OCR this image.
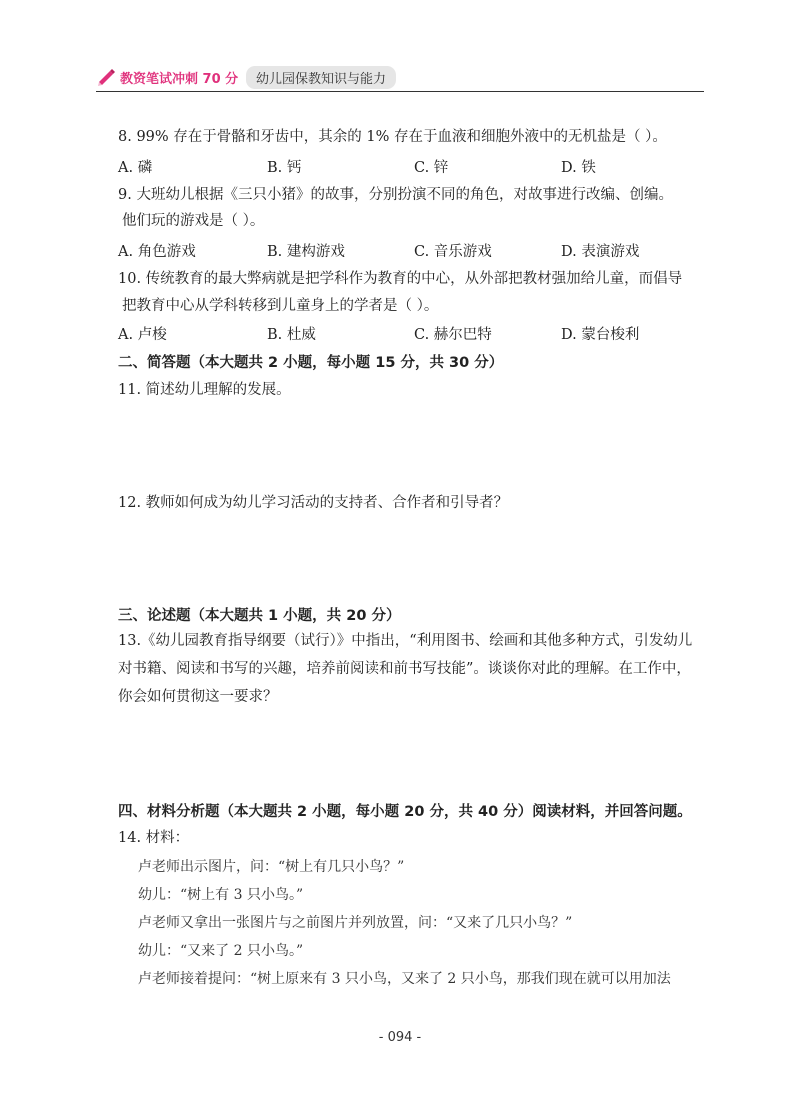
教资笔试冲刺 70 分	幼儿园保教知识与能力
8. 99% 存在于骨骼和牙齿中，其余的 1% 存在于血液和细胞外液中的无机盐是（ ）。
A. 磷	B. 钙	C. 锌	D. 铁
9. 大班幼儿根据《三只小猪》的故事，分别扮演不同的角色，对故事进行改编、创编。
他们玩的游戏是（ ）。
A. 角色游戏	B. 建构游戏	C. 音乐游戏	D. 表演游戏
10. 传统教育的最大弊病就是把学科作为教育的中心，从外部把教材强加给儿童，而倡导
把教育中心从学科转移到儿童身上的学者是（ ）。
A. 卢梭	B. 杜威	C. 赫尔巴特	D. 蒙台梭利
二、简答题（本大题共 2 小题，每小题 15 分，共 30 分）
11. 简述幼儿理解的发展。
12. 教师如何成为幼儿学习活动的支持者、合作者和引导者？
三、论述题（本大题共 1 小题，共 20 分）
13.《幼儿园教育指导纲要（试行）》中指出，“利用图书、绘画和其他多种方式，引发幼儿
对书籍、阅读和书写的兴趣，培养前阅读和前书写技能”。谈谈你对此的理解。在工作中，
你会如何贯彻这一要求？
四、材料分析题（本大题共 2 小题，每小题 20 分，共 40 分）阅读材料，并回答问题。
14. 材料：
卢老师出示图片，问：“树上有几只小鸟？”
幼儿：“树上有 3 只小鸟。”
卢老师又拿出一张图片与之前图片并列放置，问：“又来了几只小鸟？”
幼儿：“又来了 2 只小鸟。”
卢老师接着提问：“树上原来有 3 只小鸟，又来了 2 只小鸟，那我们现在就可以用加法
- 094 -
